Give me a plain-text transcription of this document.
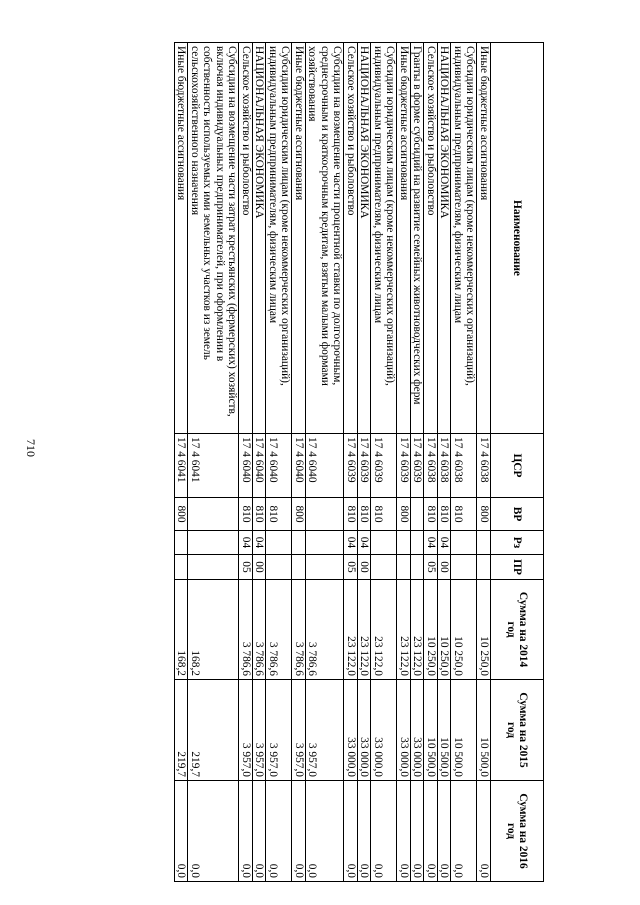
710
Наименование	ЦСР	ВР	Рз	ПР	Сумма на 2014 год	Сумма на 2015 год	Сумма на 2016 год
Иные бюджетные ассигнования	17 4 6038	800			10 250,0	10 500,0	0,0
Субсидии юридическим лицам (кроме некоммерческих организаций), индивидуальным предпринимателям, физическим лицам	17 4 6038	810			10 250,0	10 500,0	0,0
НАЦИОНАЛЬНАЯ ЭКОНОМИКА	17 4 6038	810	04	00	10 250,0	10 500,0	0,0
Сельское хозяйство и рыболовство	17 4 6038	810	04	05	10 250,0	10 500,0	0,0
Гранты в форме субсидий на развитие семейных животноводческих ферм	17 4 6039				23 122,0	33 000,0	0,0
Иные бюджетные ассигнования	17 4 6039	800			23 122,0	33 000,0	0,0
Субсидии юридическим лицам (кроме некоммерческих организаций), индивидуальным предпринимателям, физическим лицам	17 4 6039	810			23 122,0	33 000,0	0,0
НАЦИОНАЛЬНАЯ ЭКОНОМИКА	17 4 6039	810	04	00	23 122,0	33 000,0	0,0
Сельское хозяйство и рыболовство	17 4 6039	810	04	05	23 122,0	33 000,0	0,0
Субсидии на возмещение части процентной ставки по долгосрочным, среднесрочным и краткосрочным кредитам, взятым малыми формами хозяйствования	17 4 6040				3 786,6	3 957,0	0,0
Иные бюджетные ассигнования	17 4 6040	800			3 786,6	3 957,0	0,0
Субсидии юридическим лицам (кроме некоммерческих организаций), индивидуальным предпринимателям, физическим лицам	17 4 6040	810			3 786,6	3 957,0	0,0
НАЦИОНАЛЬНАЯ ЭКОНОМИКА	17 4 6040	810	04	00	3 786,6	3 957,0	0,0
Сельское хозяйство и рыболовство	17 4 6040	810	04	05	3 786,6	3 957,0	0,0
Субсидии на возмещение части затрат крестьянских (фермерских) хозяйств, включая индивидуальных предпринимателей, при оформлении в собственность используемых ими земельных участков из земель сельскохозяйственного назначения	17 4 6041				168,2	219,7	0,0
Иные бюджетные ассигнования	17 4 6041	800			168,2	219,7	0,0
